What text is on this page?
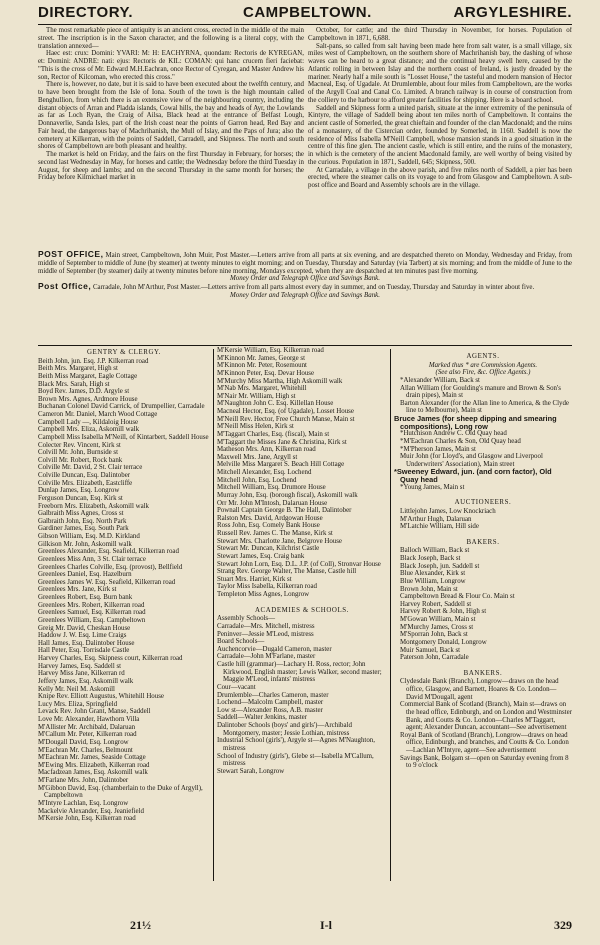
DIRECTORY.	CAMPBELTOWN.	ARGYLESHIRE.

The most remarkable piece of antiquity is an ancient cross, erected in the middle of the main street. The inscription is in the Saxon character, and the following is a literal copy, with the translation annexed—

Haec est: crux: Domini: YVARI: M: H: EACHYRNA, quondam: Rectoris de KYREGAN, et: Domini: ANDRE: nati: ejus: Rectoris de KIL: COMAN: qui hanc crucem fieri faciebat: "This is the cross of Mr. Edward M.H.Eachran, once Rector of Cyregan, and Master Andrew his son, Rector of Kilcoman, who erected this cross."

There is, however, no date, but it is said to have been executed about the twelfth century, and to have been brought from the Isle of Iona. South of the town is the high mountain called Benghullion, from which there is an extensive view of the neighbouring country, including the distant objects of Arran and Pladda islands, Cowal hills, the bay and heads of Ayr, the Lowlands as far as Loch Ryan, the Craig of Ailsa, Black head at the entrance of Belfast Lough, Donnaverlie, Sanda Isles, part of the Irish coast near the points of Garron head, Red Bay and Fair head, the dangerous bay of Machrihanish, the Mull of Islay, and the Paps of Jura; also the cemetery at Kilkerran, with the points of Saddell, Carradell, and Skipness. The north and south shores of Campbeltown are both pleasant and healthy.

The market is held on Friday, and the fairs on the first Thursday in February, for horses; the second last Wednesday in May, for horses and cattle; the Wednesday before the third Tuesday in August, for sheep and lambs; and on the second Thursday in the same month for horses; the Friday before Kilmichael market in

October, for cattle; and the third Thursday in November, for horses. Population of Campbeltown in 1871, 6,688.

Salt-pans, so called from salt having been made here from salt water, is a small village, six miles west of Campbeltown, on the southern shore of Machrihanish bay, the dashing of whose waves can be heard to a great distance; and the continual heavy swell here, caused by the Atlantic rolling in between Islay and the northern coast of Ireland, is justly dreaded by the mariner. Nearly half a mile south is "Losset House," the tasteful and modern mansion of Hector Macneal, Esq. of Ugadale. At Drumlemble, about four miles from Campbeltown, are the works of the Argyll Coal and Canal Co. Limited. A branch railway is in course of construction from the colliery to the harbour to afford greater facilities for shipping. Here is a board school.

Saddell and Skipness form a united parish, situate at the inner extremity of the peninsula of Kintyre, the village of Saddell being about ten miles north of Campbeltown. It contains the ancient castle of Somerled, the great chieftain and founder of the clan Macdonald; and the ruins of a monastery, of the Cistercian order, founded by Somerled, in 1160. Saddell is now the residence of Miss Isabella M'Neill Campbell, whose mansion stands in a good situation in the centre of this fine glen. The ancient castle, which is still entire, and the ruins of the monastery, in which is the cemetery of the ancient Macdonald family, are well worthy of being visited by the curious. Population in 1871, Saddell, 645; Skipness, 500.

At Carradale, a village in the above parish, and five miles north of Saddell, a pier has been erected, where the steamer calls on its voyage to and from Glasgow and Campbeltown. A sub-post office and Board and Assembly schools are in the village.

POST OFFICE, Main street, Campbeltown, John Muir, Post Master.—Letters arrive from all parts at six evening, and are despatched thereto on Monday, Wednesday and Friday, from middle of September to middle of June (by steamer) at twenty minutes to eight morning; and on Tuesday, Thursday and Saturday (via Tarbert) at six morning; and from the middle of June to the middle of September (by steamer) daily at twenty minutes before nine morning, Mondays excepted, when they are despatched at ten minutes past five morning.

Money Order and Telegraph Office and Savings Bank.

Post Office, Carradale, John M'Arthur, Post Master.—Letters arrive from all parts almost every day in summer, and on Tuesday, Thursday and Saturday in winter about five.

Money Order and Telegraph Office and Savings Bank.
GENTRY & CLERGY.
Beith John, jun. Esq. J.P. Kilkerran road
Beith Mrs. Margaret, High st
Beith Miss Margaret, Eagle Cottage
Black Mrs. Sarah, High st
Boyd Rev. James, D.D. Argyle st
Brown Mrs. Agnes, Ardmore House
Buchanan Colonel David Carrick, of Drumpellier, Carradale
Cameron Mr. Daniel, March Wood Cottage
Campbell Lady —, Kildaloig House
Campbell Mrs. Eliza, Askomill walk
Campbell Miss Isabella M'Neill, of Kintarbert, Saddell House
Colecter Rev. Vincent, Kirk st
Colvill Mr. John, Burnside st
Colvill Mr. Robert, Rock bank
Colville Mr. David, 2 St. Clair terrace
Colville Duncan, Esq. Dalintober
Colville Mrs. Elizabeth, Eastcliffe
Dunlap James, Esq. Longrow
Ferguson Duncan, Esq. Kirk st
Freeborn Mrs. Elizabeth, Askomill walk
Galbraith Miss Agnes, Cross st
Galbraith John, Esq. North Park
Gardiner James, Esq. South Park
Gibson William, Esq. M.D. Kirkland
Gilkison Mr. John, Askomill walk
Greenlees Alexander, Esq. Seafield, Kilkerran road
Greenlees Miss Ann, 3 St. Clair terrace
Greenlees Charles Colville, Esq. (provost), Bellfield
Greenlees Daniel, Esq. Hazelburn
Greenlees James W. Esq. Seafield, Kilkerran road
Greenlees Mrs. Jane, Kirk st
Greenlees Robert, Esq. Burn bank
Greenlees Mrs. Robert, Kilkerran road
Greenlees Samuel, Esq. Kilkerran road
Greenlees William, Esq. Campbeltown
Greig Mr. David, Cheskan House
Haddow J. W. Esq. Lime Craigs
Hall James, Esq. Dalintober House
Hall Peter, Esq. Torrisdale Castle
Harvey Charles, Esq. Skipness court, Kilkerran road
Harvey James, Esq. Saddell st
Harvey Miss Jane, Kilkerran rd
Jeffery James, Esq. Askomill walk
Kelly Mr. Neil M. Askomill
Knipe Rev. Elliott Augustus, Whitehill House
Lucy Mrs. Eliza, Springfield
Levack Rev. John Grant, Manse, Saddell
Love Mr. Alexander, Hawthorn Villa
M'Allister Mr. Archibald, Dalaruan
M'Callum Mr. Peter, Kilkerran road
M'Dougall David, Esq. Longrow
M'Eachran Mr. Charles, Belmount
M'Eachran Mr. James, Seaside Cottage
M'Ewing Mrs. Elizabeth, Kilkerran road
Macfadzean James, Esq. Askomill walk
M'Farlane Mrs. John, Dalintober
M'Gibbon David, Esq. (chamberlain to the Duke of Argyll), Campbeltown
M'Intyre Lachlan, Esq. Longrow
Mackelvie Alexander, Esq. Jeaniefield
M'Kersie John, Esq. Kilkerran road
M'Kersie William, Esq. Kilkerran road
M'Kinnon Mr. James, George st
M'Kinnon Mr. Peter, Rosemount
M'Kinnon Peter, Esq. Devar House
M'Murchy Miss Martha, High Askomill walk
M'Nab Mrs. Margaret, Whitehill
M'Nair Mr. William, High st
M'Naughton John C. Esq. Killellan House
Macneal Hector, Esq. (of Ugadale), Losset House
M'Neill Rev. Hector, Free Church Manse, Main st
M'Neill Miss Helen, Kirk st
M'Taggart Charles, Esq. (fiscal), Main st
M'Taggart the Misses Jane & Christina, Kirk st
Matheson Mrs. Ann, Kilkerran road
Maxwell Mrs. Jane, Argyll st
Melville Miss Margaret S. Beach Hill Cottage
Mitchell Alexander, Esq. Lochend
Mitchell John, Esq. Lochend
Mitchell William, Esq. Drumore House
Murray John, Esq. (borough fiscal), Askomill walk
Orr Mr. John M'Intosh, Dalaruan House
Pownall Captain George B. The Hall, Dalintober
Ralston Mrs. David, Ardgowan House
Ross John, Esq. Comely Bank House
Russell Rev. James C. The Manse, Kirk st
Stewart Mrs. Charlotte Jane, Belgrove House
Stewart Mr. Duncan, Kilchrist Castle
Stewart James, Esq. Craig bank
Stewart John Lorn, Esq. D.L. J.P. (of Coll), Stronvar House
Strang Rev. George Walter, The Manse, Castle hill
Stuart Mrs. Harriet, Kirk st
Taylor Miss Isabella, Kilkerran road
Templeton Miss Agnes, Longrow
ACADEMIES & SCHOOLS.
Assembly Schools—
Carradale—Mrs. Mitchell, mistress
Peninver—Jessie M'Leod, mistress
Board Schools—
Auchencorvie—Dugald Cameron, master
Carradale—John M'Farlane, master
Castle hill (grammar)—Lachary H. Ross, rector; John Kirkwood, English master; Lewis Walker, second master; Maggie M'Leod, infants' mistress
Cour—vacant
Drumlemble—Charles Cameron, master
Lochend—Malcolm Campbell, master
Low st—Alexander Ross, A.B. master
Saddell—Walter Jenkins, master
Dalintober Schools (boys' and girls')—Archibald Montgomery, master; Jessie Lothian, mistress
Industrial School (girls'), Argyle st—Agnes M'Naughton, mistress
School of Industry (girls'), Glebe st—Isabella M'Callum, mistress
Stewart Sarah, Longrow
AGENTS.
Marked thus * are Commission Agents.
(See also Fire, &c. Office Agents.)
*Alexander William, Back st
Allan William (for Goulding's manure and Brown & Son's drain pipes), Main st
Barton Alexander (for the Allan line to America, & the Clyde line to Melbourne), Main st
Bruce James (for sheep dipping and smearing compositions), Long row
*Hutchison Andrew C. Old Quay head
*M'Eachran Charles & Son, Old Quay head
*M'Pherson James, Main st
Muir John (for Lloyd's, and Glasgow and Liverpool Underwriters' Association), Main street
*Sweeney Edward, jun. (and corn factor), Old Quay head
*Young James, Main st
AUCTIONEERS.
Littlejohn James, Low Knockriach
M'Arthur Hugh, Dalaruan
M'Latchie William, Hill side
BAKERS.
Balloch William, Back st
Black Joseph, Back st
Black Joseph, jun. Saddell st
Blue Alexander, Kirk st
Blue William, Longrow
Brown John, Main st
Campbeltown Bread & Flour Co. Main st
Harvey Robert, Saddell st
Harvey Robert & John, High st
M'Gowan William, Main st
M'Murchy James, Cross st
M'Sporran John, Back st
Montgomery Donald, Longrow
Muir Samuel, Back st
Paterson John, Carradale
BANKERS.
Clydesdale Bank (Branch), Longrow—draws on the head office, Glasgow, and Barnett, Hoares & Co. London—David M'Dougall, agent
Commercial Bank of Scotland (Branch), Main st—draws on the head office, Edinburgh, and on London and Westminster Bank, and Coutts & Co. London—Charles M'Taggart, agent; Alexander Duncan, accountant—See advertisement
Royal Bank of Scotland (Branch), Longrow—draws on head office, Edinburgh, and branches, and Coutts & Co. London—Lachlan M'Intyre, agent—See advertisement
Savings Bank, Bolgam st—open on Saturday evening from 8 to 9 o'clock
21½	I-l	329
